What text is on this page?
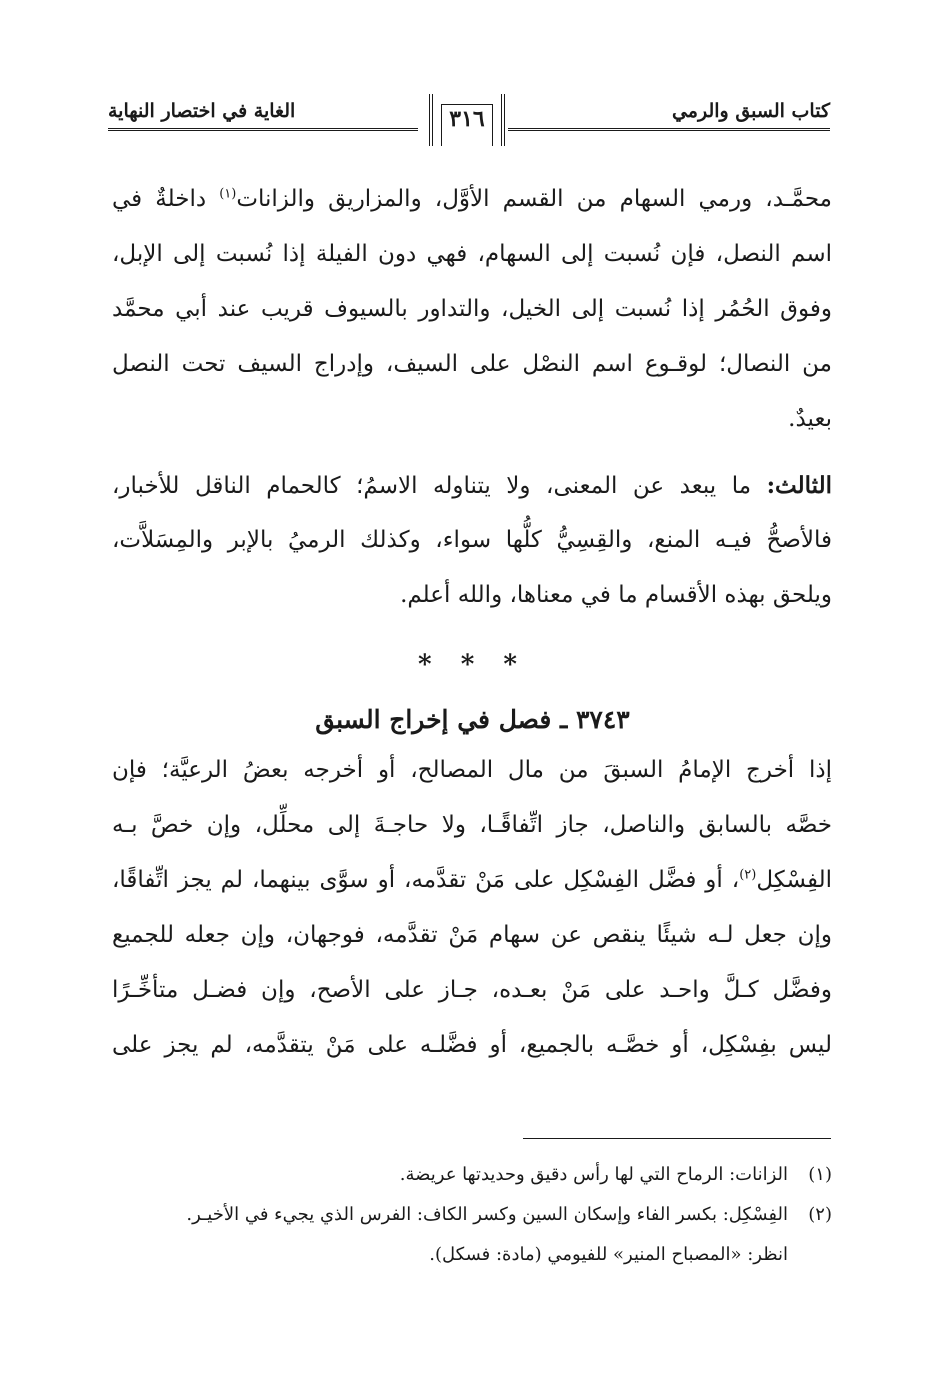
كتاب السبق والرمي
٣١٦
الغاية في اختصار النهاية
محمَّـد، ورمي السهام من القسم الأوَّل، والمزاريق والزانات$^{(١)}$ داخلةٌ في
اسم النصل، فإن نُسبت إلى السهام، فهي دون الفيلة إذا نُسبت إلى الإبل،
وفوق الحُمُر إذا نُسبت إلى الخيل، والتداور بالسيوف قريب عند أبي محمَّد
من النصال؛ لوقـوع اسم النصْل على السيف، وإدراج السيف تحت النصل
بعيدٌ.
الثالث: ما يبعد عن المعنى، ولا يتناوله الاسمُ؛ كالحمام الناقل للأخبار،
فالأصحُّ فيـه المنع، والقِسِيُّ كلُّها سواء، وكذلك الرميُ بالإبر والمِسَلاَّت،
ويلحق بهذه الأقسام ما في معناها، والله أعلم.
* * *
٣٧٤٣ ـ فصل في إخراج السبق
إذا أخرج الإمامُ السبقَ من مال المصالح، أو أخرجه بعضُ الرعيَّة؛ فإن
خصَّه بالسابق والناصل، جاز اتِّفاقًـا، ولا حاجـةَ إلى محلِّل، وإن خصَّ بـه
الفِسْكِل$^{(٢)}$، أو فضَّل الفِسْكِل على مَنْ تقدَّمه، أو سوَّى بينهما، لم يجز اتِّفاقًا،
وإن جعل لـه شيئًا ينقص عن سهام مَنْ تقدَّمه، فوجهان، وإن جعله للجميع
وفضَّل كـلَّ واحـد على مَنْ بعـده، جـاز على الأصح، وإن فضـل متأخِّـرًا
ليس بفِسْكِل، أو خصَّـه بالجميع، أو فضَّلـه على مَنْ يتقدَّمه، لم يجز على
(١)الزانات: الرماح التي لها رأس دقيق وحديدتها عريضة.
(٢)الفِسْكِل: بكسر الفاء وإسكان السين وكسر الكاف: الفرس الذي يجيء في الأخيـر.
انظر: «المصباح المنير» للفيومي (مادة: فسكل).
